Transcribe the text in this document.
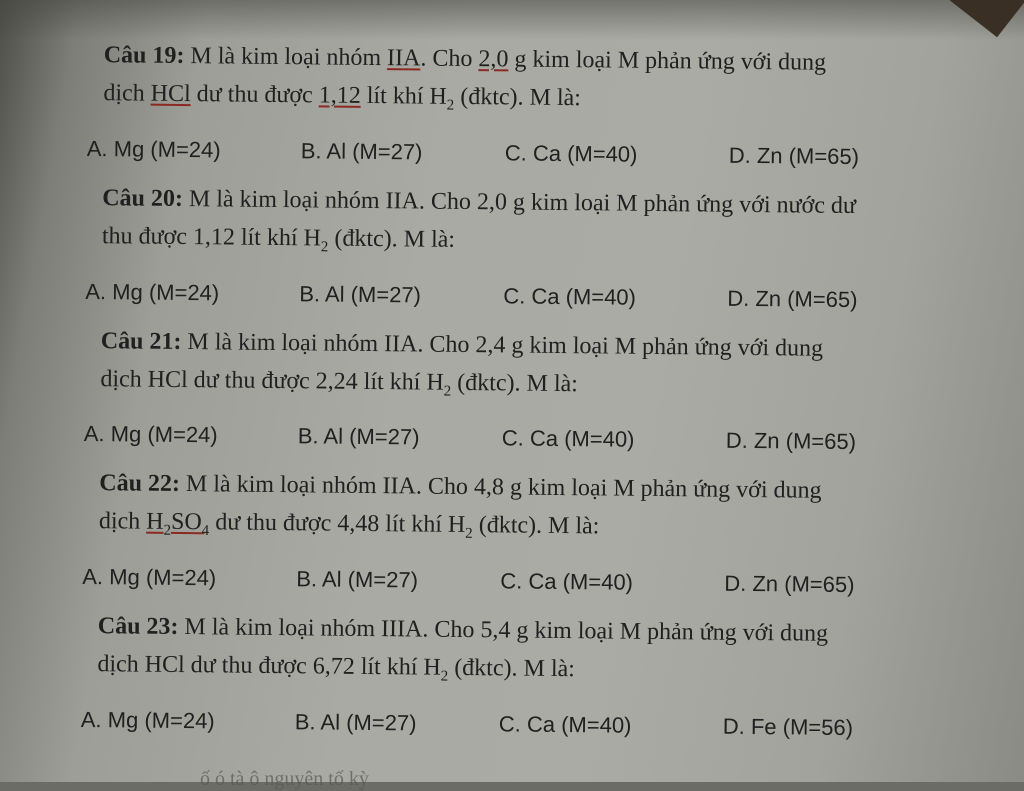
Câu 19: M là kim loại nhóm IIA. Cho 2,0 g kim loại M phản ứng với dung
dịch HCl dư thu được 1,12 lít khí $H_2$ (đktc). M là:

A. Mg (M=24)	B. Al (M=27)	C. Ca (M=40)	D. Zn (M=65)

Câu 20: M là kim loại nhóm IIA. Cho 2,0 g kim loại M phản ứng với nước dư
thu được 1,12 lít khí $H_2$ (đktc). M là:

A. Mg (M=24)	B. Al (M=27)	C. Ca (M=40)	D. Zn (M=65)

Câu 21: M là kim loại nhóm IIA. Cho 2,4 g kim loại M phản ứng với dung
dịch HCl dư thu được 2,24 lít khí $H_2$ (đktc). M là:

A. Mg (M=24)	B. Al (M=27)	C. Ca (M=40)	D. Zn (M=65)

Câu 22: M là kim loại nhóm IIA. Cho 4,8 g kim loại M phản ứng với dung
dịch $H_2SO_4$ dư thu được 4,48 lít khí $H_2$ (đktc). M là:

A. Mg (M=24)	B. Al (M=27)	C. Ca (M=40)	D. Zn (M=65)

Câu 23: M là kim loại nhóm IIIA. Cho 5,4 g kim loại M phản ứng với dung
dịch HCl dư thu được 6,72 lít khí $H_2$ (đktc). M là:

A. Mg (M=24)	B. Al (M=27)	C. Ca (M=40)	D. Fe (M=56)
ố ó tà ô nguyên tố kỳ
